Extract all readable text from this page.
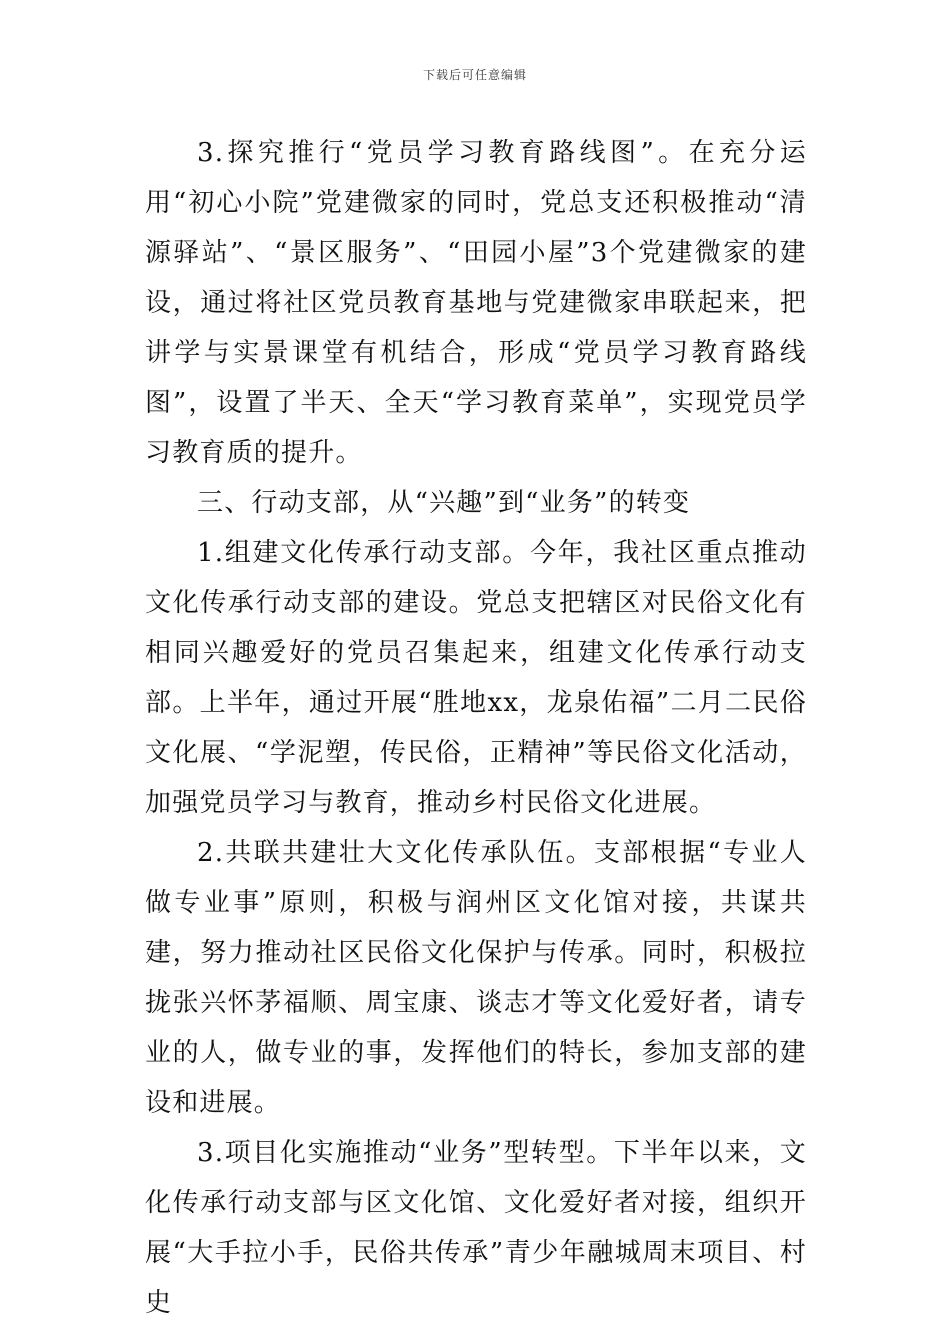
下载后可任意编辑

3.探究推行“党员学习教育路线图”。在充分运用“初心小院”党建微家的同时，党总支还积极推动“清源驿站”、“景区服务”、“田园小屋”3个党建微家的建设，通过将社区党员教育基地与党建微家串联起来，把讲学与实景课堂有机结合，形成“党员学习教育路线图”，设置了半天、全天“学习教育菜单”，实现党员学习教育质的提升。

三、行动支部，从“兴趣”到“业务”的转变

1.组建文化传承行动支部。今年，我社区重点推动文化传承行动支部的建设。党总支把辖区对民俗文化有相同兴趣爱好的党员召集起来，组建文化传承行动支部。上半年，通过开展“胜地xx，龙泉佑福”二月二民俗文化展、“学泥塑，传民俗，正精神”等民俗文化活动，加强党员学习与教育，推动乡村民俗文化进展。

2.共联共建壮大文化传承队伍。支部根据“专业人做专业事”原则，积极与润州区文化馆对接，共谋共建，努力推动社区民俗文化保护与传承。同时，积极拉拢张兴怀茅福顺、周宝康、谈志才等文化爱好者，请专业的人，做专业的事，发挥他们的特长，参加支部的建设和进展。

3.项目化实施推动“业务”型转型。下半年以来，文化传承行动支部与区文化馆、文化爱好者对接，组织开展“大手拉小手，民俗共传承”青少年融城周末项目、村史
